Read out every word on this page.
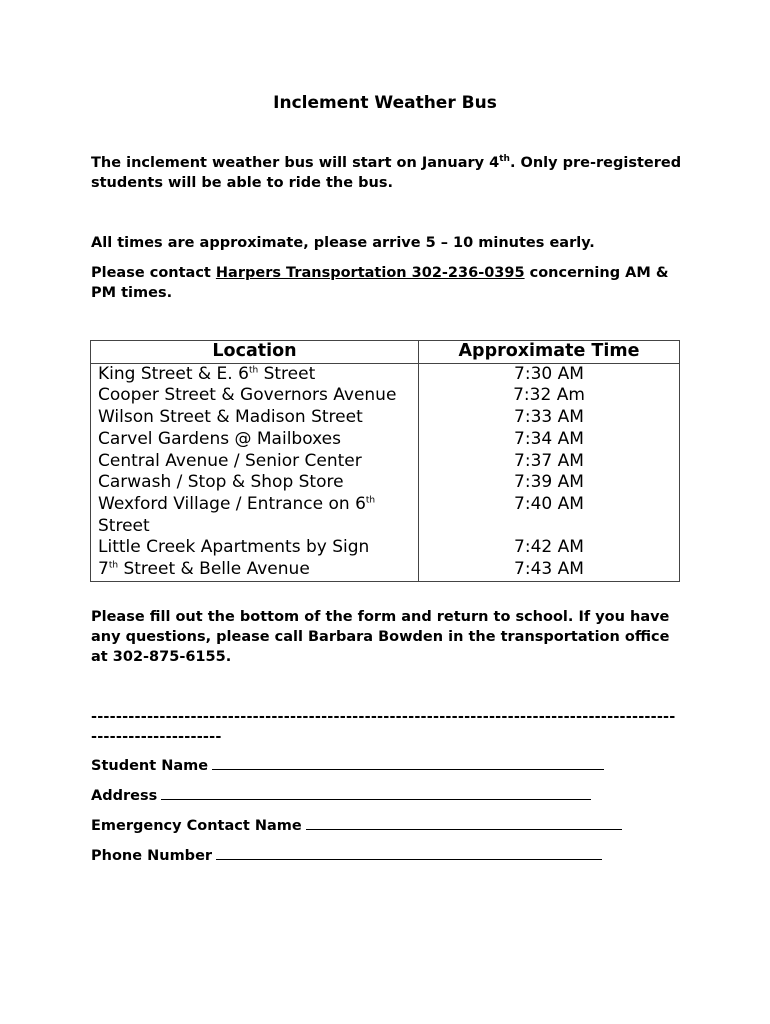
Inclement Weather Bus
The inclement weather bus will start on January 4th. Only pre-registered students will be able to ride the bus.
All times are approximate, please arrive 5 – 10 minutes early.
Please contact Harpers Transportation 302-236-0395 concerning AM & PM times.
Location	Approximate Time
King Street & E. 6th Street	7:30 AM
Cooper Street & Governors Avenue	7:32 Am
Wilson Street & Madison Street	7:33 AM
Carvel Gardens @ Mailboxes	7:34 AM
Central Avenue / Senior Center	7:37 AM
Carwash / Stop & Shop Store	7:39 AM
Wexford Village / Entrance on 6th Street	7:40 AM
Little Creek Apartments by Sign	7:42 AM
7th Street & Belle Avenue	7:43 AM
Please fill out the bottom of the form and return to school. If you have any questions, please call Barbara Bowden in the transportation office at 302-875-6155.
-------------------------------------------------------------------------------------------------------------------
Student Name
Address
Emergency Contact Name
Phone Number
